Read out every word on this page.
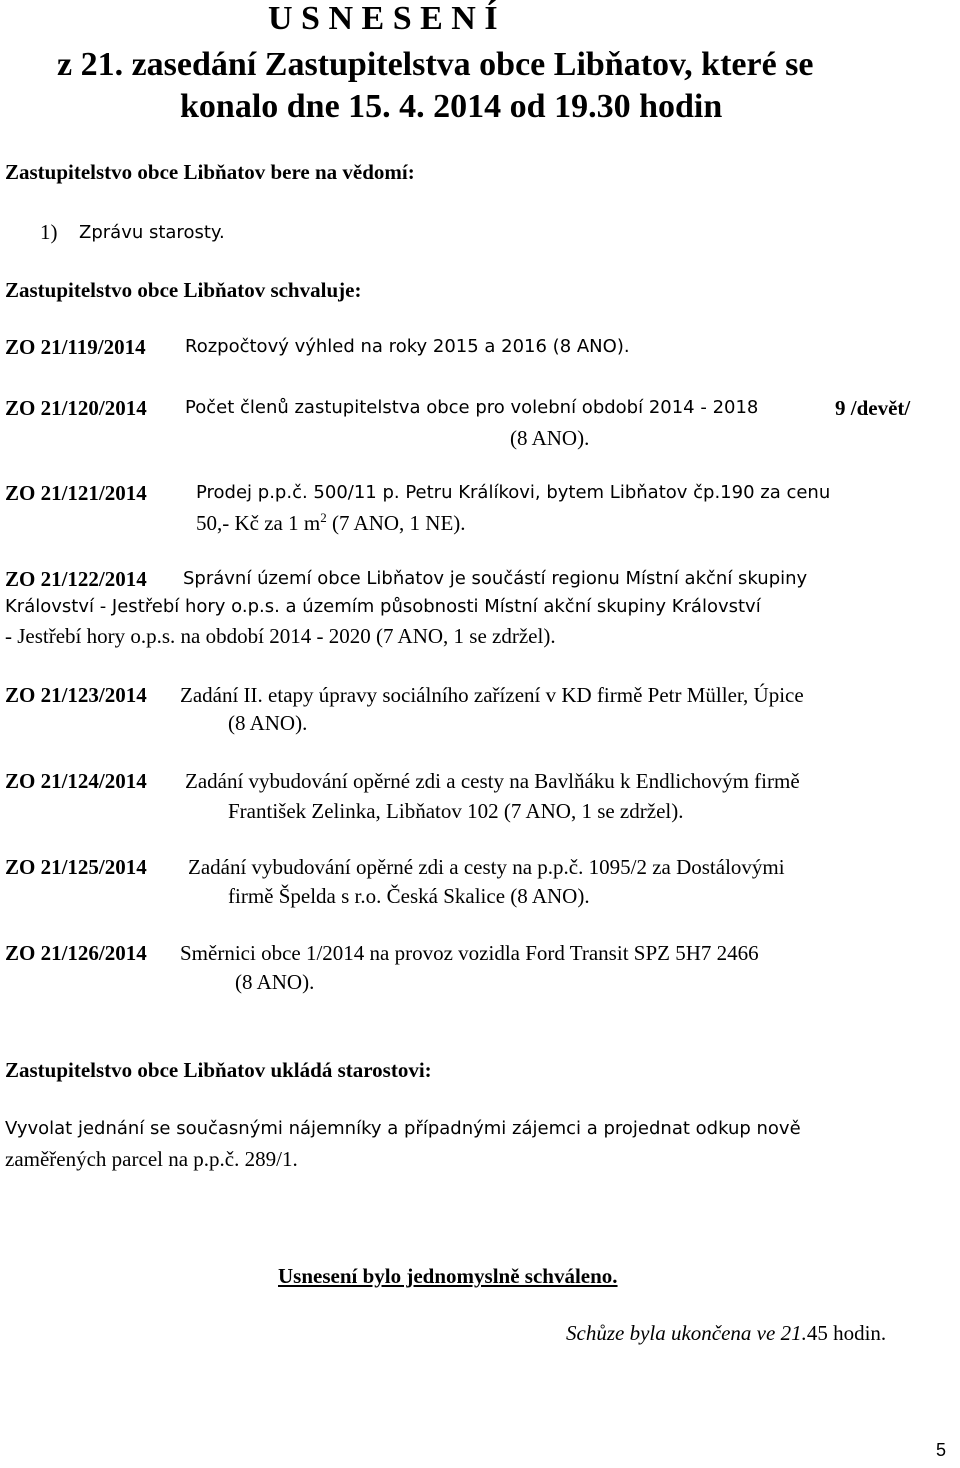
U S N E S E N Í
z 21. zasedání Zastupitelstva obce Libňatov, které se
konalo dne 15. 4. 2014 od 19.30 hodin
Zastupitelstvo obce Libňatov bere na vědomí:
1) Zprávu starosty.
Zastupitelstvo obce Libňatov schvaluje:
ZO 21/119/2014 Rozpočtový výhled na roky 2015 a 2016 (8 ANO).
ZO 21/120/2014 Počet členů zastupitelstva obce pro volební období 2014 - 2018	9 /devět/
(8 ANO).
ZO 21/121/2014	Prodej p.p.č. 500/11 p. Petru Králíkovi, bytem Libňatov čp.190 za cenu
50,- Kč za 1 $m^2$ (7 ANO, 1 NE).
ZO 21/122/2014 Správní území obce Libňatov je součástí regionu Místní akční skupiny
Království - Jestřebí hory o.p.s. a územím působnosti Místní akční skupiny Království
- Jestřebí hory o.p.s. na období 2014 - 2020 (7 ANO, 1 se zdržel).
ZO 21/123/2014 Zadání II. etapy úpravy sociálního zařízení v KD firmě Petr Müller, Úpice
(8 ANO).
ZO 21/124/2014 Zadání vybudování opěrné zdi a cesty na Bavlňáku k Endlichovým firmě
František Zelinka, Libňatov 102 (7 ANO, 1 se zdržel).
ZO 21/125/2014 Zadání vybudování opěrné zdi a cesty na p.p.č. 1095/2 za Dostálovými
firmě Špelda s r.o. Česká Skalice (8 ANO).
ZO 21/126/2014 Směrnici obce 1/2014 na provoz vozidla Ford Transit SPZ 5H7 2466
(8 ANO).
Zastupitelstvo obce Libňatov ukládá starostovi:
Vyvolat jednání se současnými nájemníky a případnými zájemci a projednat odkup nově
zaměřených parcel na p.p.č. 289/1.
Usnesení bylo jednomyslně schváleno.
Schůze byla ukončena ve 21.45 hodin.
5
